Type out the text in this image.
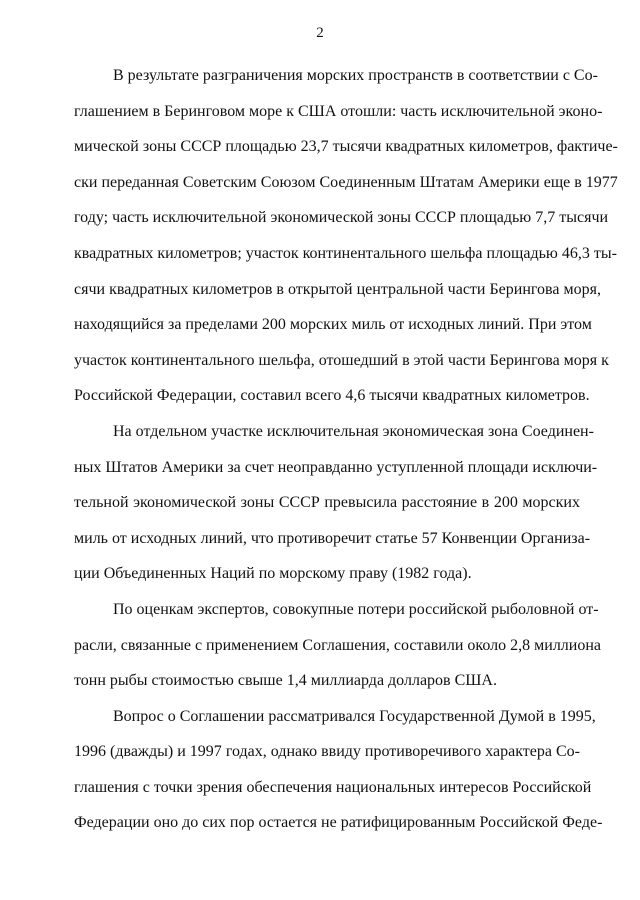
2
В результате разграничения морских пространств в соответствии с Со-
глашением в Беринговом море к США отошли: часть исключительной эконо-
мической зоны СССР площадью 23,7 тысячи квадратных километров, фактиче-
ски переданная Советским Союзом Соединенным Штатам Америки еще в 1977
году; часть исключительной экономической зоны СССР площадью 7,7 тысячи
квадратных километров; участок континентального шельфа площадью 46,3 ты-
сячи квадратных километров в открытой центральной части Берингова моря,
находящийся за пределами 200 морских миль от исходных линий. При этом
участок континентального шельфа, отошедший в этой части Берингова моря к
Российской Федерации, составил всего 4,6 тысячи квадратных километров.
На отдельном участке исключительная экономическая зона Соединен-
ных Штатов Америки за счет неоправданно уступленной площади исключи-
тельной экономической зоны СССР превысила расстояние в 200 морских
миль от исходных линий, что противоречит статье 57 Конвенции Организа-
ции Объединенных Наций по морскому праву (1982 года).
По оценкам экспертов, совокупные потери российской рыболовной от-
расли, связанные с применением Соглашения, составили около 2,8 миллиона
тонн рыбы стоимостью свыше 1,4 миллиарда долларов США.
Вопрос о Соглашении рассматривался Государственной Думой в 1995,
1996 (дважды) и 1997 годах, однако ввиду противоречивого характера Со-
глашения с точки зрения обеспечения национальных интересов Российской
Федерации оно до сих пор остается не ратифицированным Российской Феде-
